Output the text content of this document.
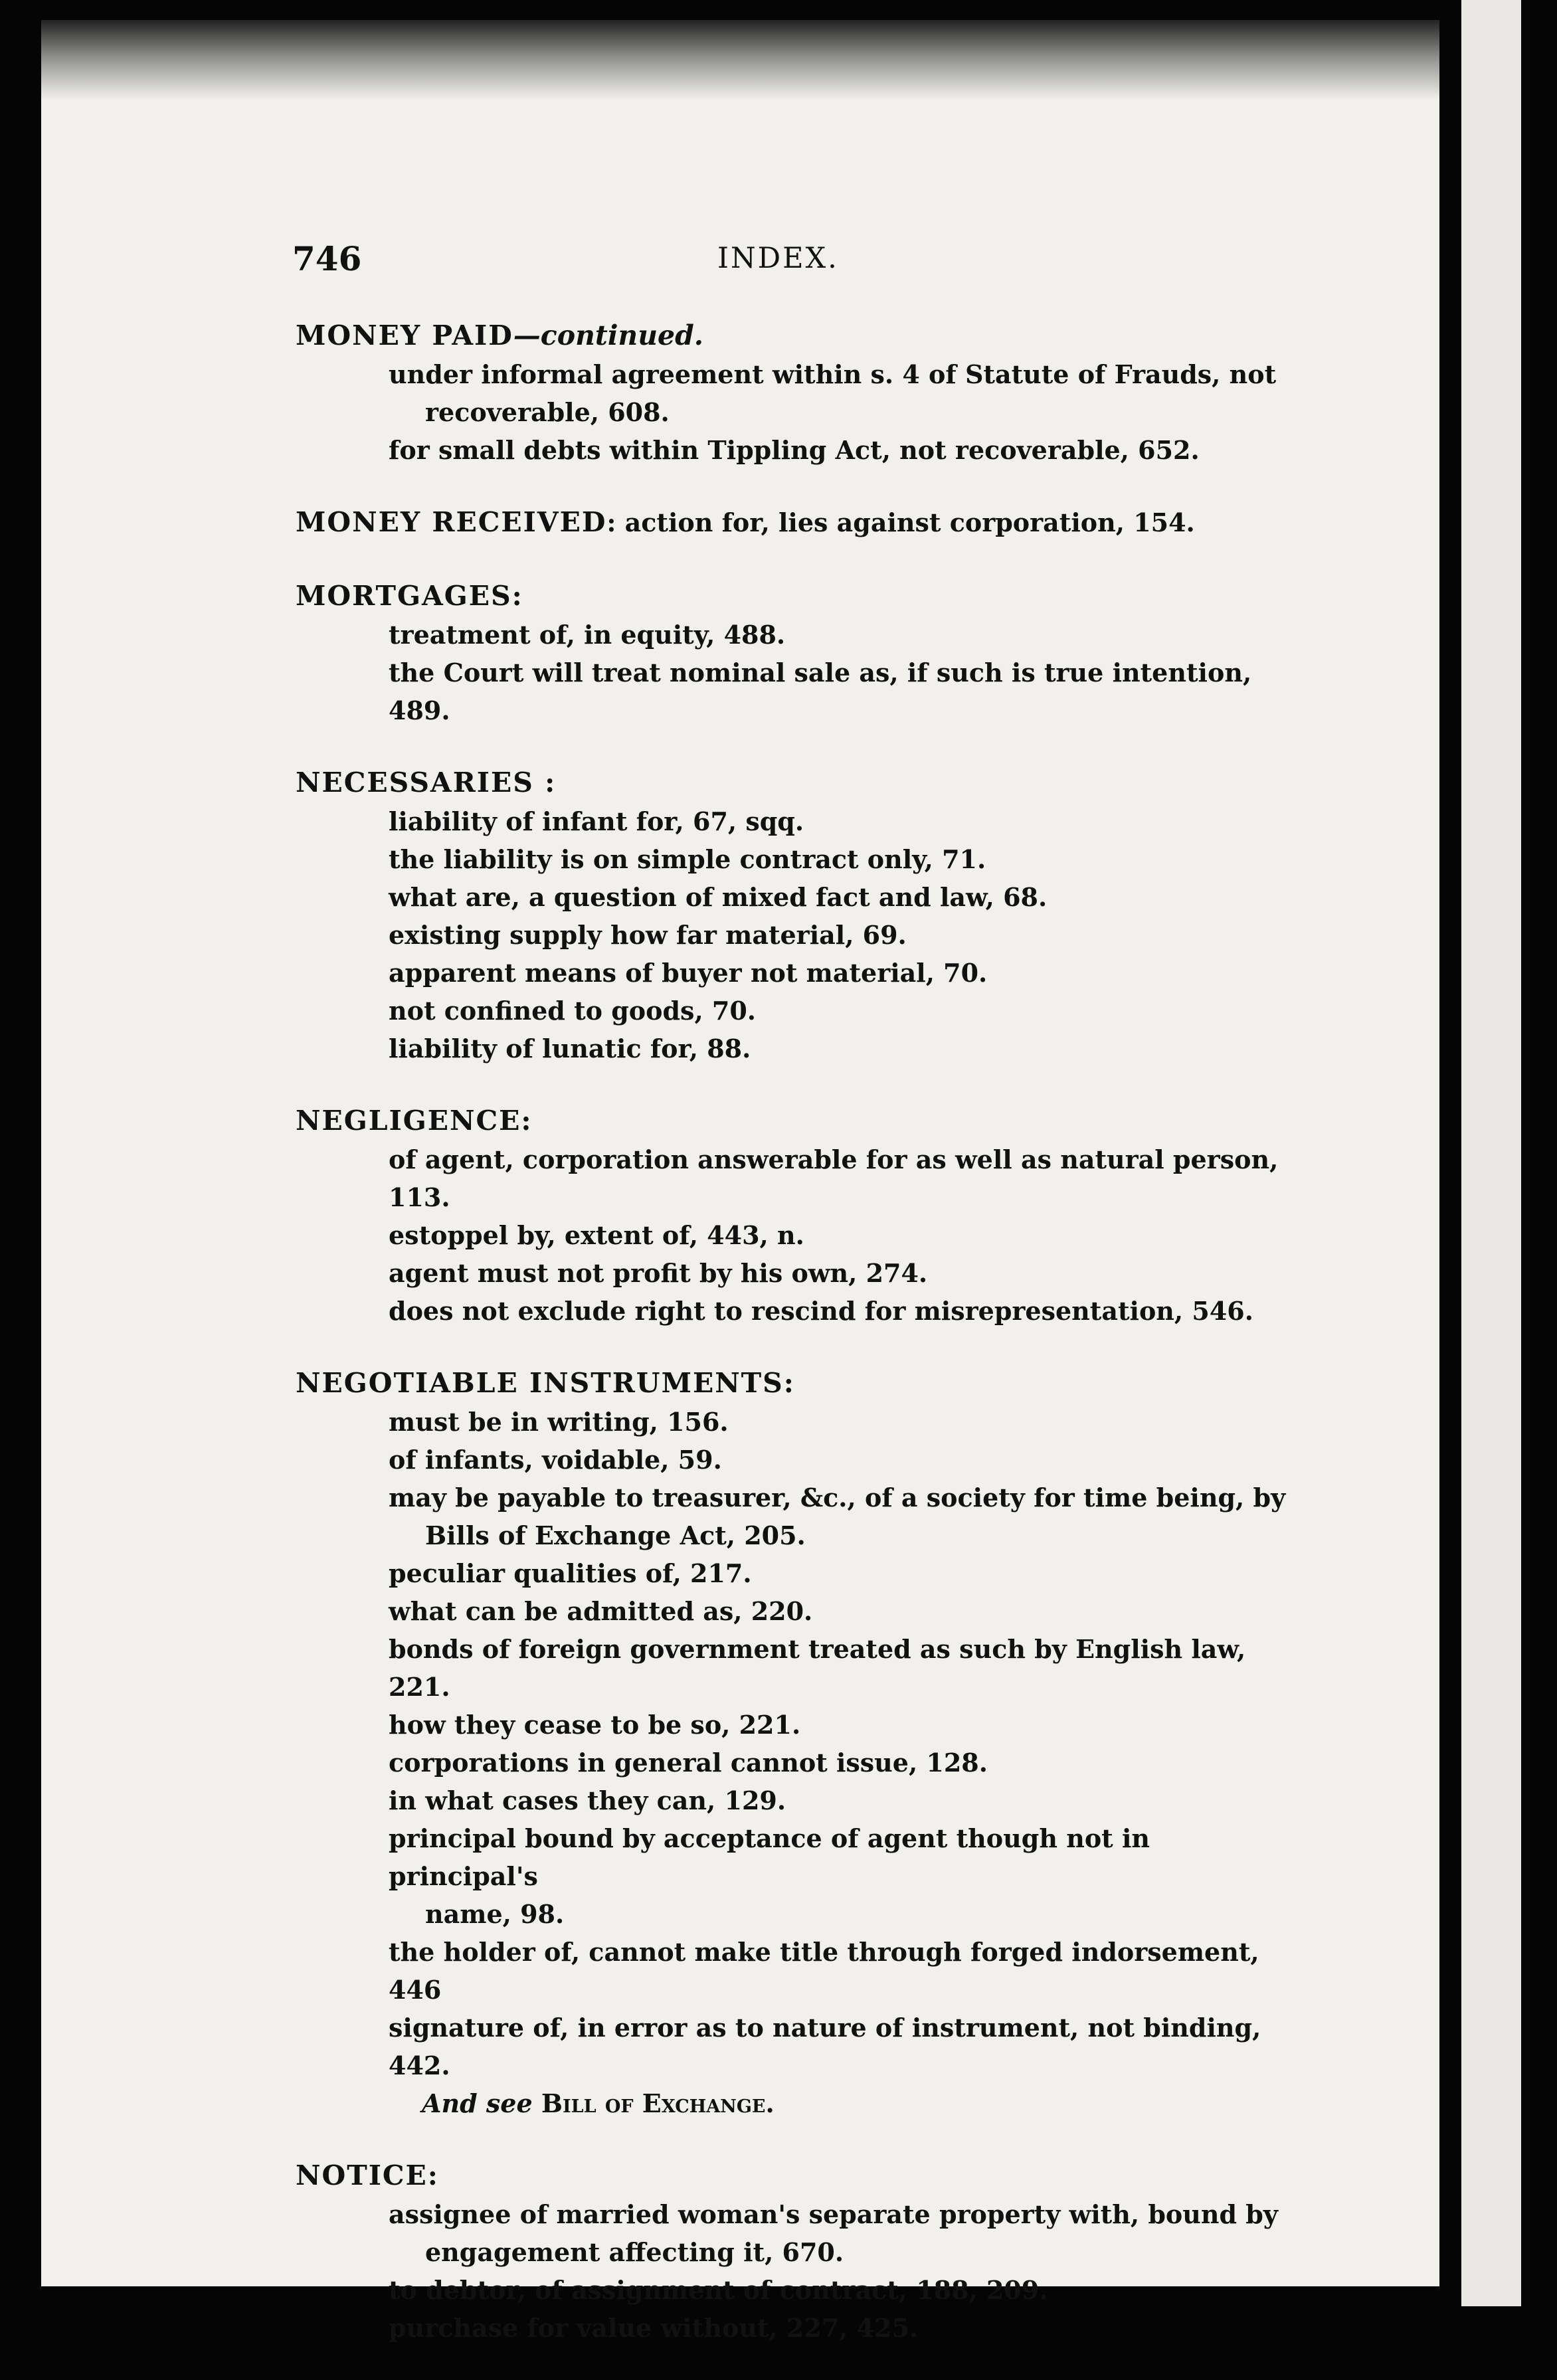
746	INDEX.
MONEY PAID—continued.
under informal agreement within s. 4 of Statute of Frauds, not
recoverable, 608.
for small debts within Tippling Act, not recoverable, 652.
MONEY RECEIVED: action for, lies against corporation, 154.
MORTGAGES:
treatment of, in equity, 488.
the Court will treat nominal sale as, if such is true intention, 489.
NECESSARIES :
liability of infant for, 67, sqq.
the liability is on simple contract only, 71.
what are, a question of mixed fact and law, 68.
existing supply how far material, 69.
apparent means of buyer not material, 70.
not confined to goods, 70.
liability of lunatic for, 88.
NEGLIGENCE:
of agent, corporation answerable for as well as natural person, 113.
estoppel by, extent of, 443, n.
agent must not profit by his own, 274.
does not exclude right to rescind for misrepresentation, 546.
NEGOTIABLE INSTRUMENTS:
must be in writing, 156.
of infants, voidable, 59.
may be payable to treasurer, &c., of a society for time being, by
Bills of Exchange Act, 205.
peculiar qualities of, 217.
what can be admitted as, 220.
bonds of foreign government treated as such by English law, 221.
how they cease to be so, 221.
corporations in general cannot issue, 128.
in what cases they can, 129.
principal bound by acceptance of agent though not in principal's
name, 98.
the holder of, cannot make title through forged indorsement, 446
signature of, in error as to nature of instrument, not binding, 442.
And see Bill of Exchange.
NOTICE:
assignee of married woman's separate property with, bound by
engagement affecting it, 670.
to debtor, of assignment of contract, 188, 209.
purchase for value without, 227, 425.
